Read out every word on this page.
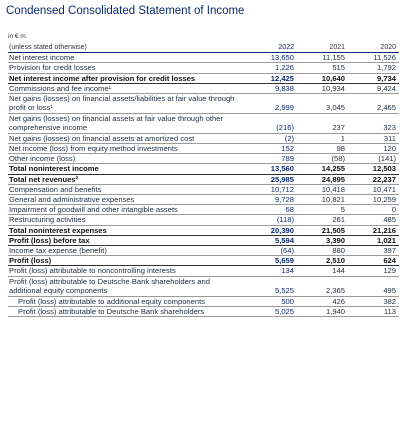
Condensed Consolidated Statement of Income
in € m.
(unless stated otherwise)	2022	2021	2020
Net interest income	13,650	11,155	11,526
Provision for credit losses	1,226	515	1,792
Net interest income after provision for credit losses	12,425	10,640	9,734
Commissions and fee income¹	9,838	10,934	9,424
Net gains (losses) on financial assets/liabilities at fair value through profit or loss¹	2,999	3,045	2,465
Net gains (losses) on financial assets at fair value through other comprehensive income	(216)	237	323
Net gains (losses) on financial assets at amortized cost	(2)	1	311
Net income (loss) from equity method investments	152	98	120
Other income (loss)	789	(58)	(141)
Total noninterest income	13,560	14,255	12,503
Total net revenues²	25,985	24,895	22,237
Compensation and benefits	10,712	10,418	10,471
General and administrative expenses	9,728	10,821	10,259
Impairment of goodwill and other intangible assets	68	5	0
Restructuring activities	(118)	261	485
Total noninterest expenses	20,390	21,505	21,216
Profit (loss) before tax	5,594	3,390	1,021
Income tax expense (benefit)	(64)	880	397
Profit (loss)	5,659	2,510	624
Profit (loss) attributable to noncontrolling interests	134	144	129
Profit (loss) attributable to Deutsche Bank shareholders and additional equity components	5,525	2,365	495
Profit (loss) attributable to additional equity components	500	426	382
Profit (loss) attributable to Deutsche Bank shareholders	5,025	1,940	113
